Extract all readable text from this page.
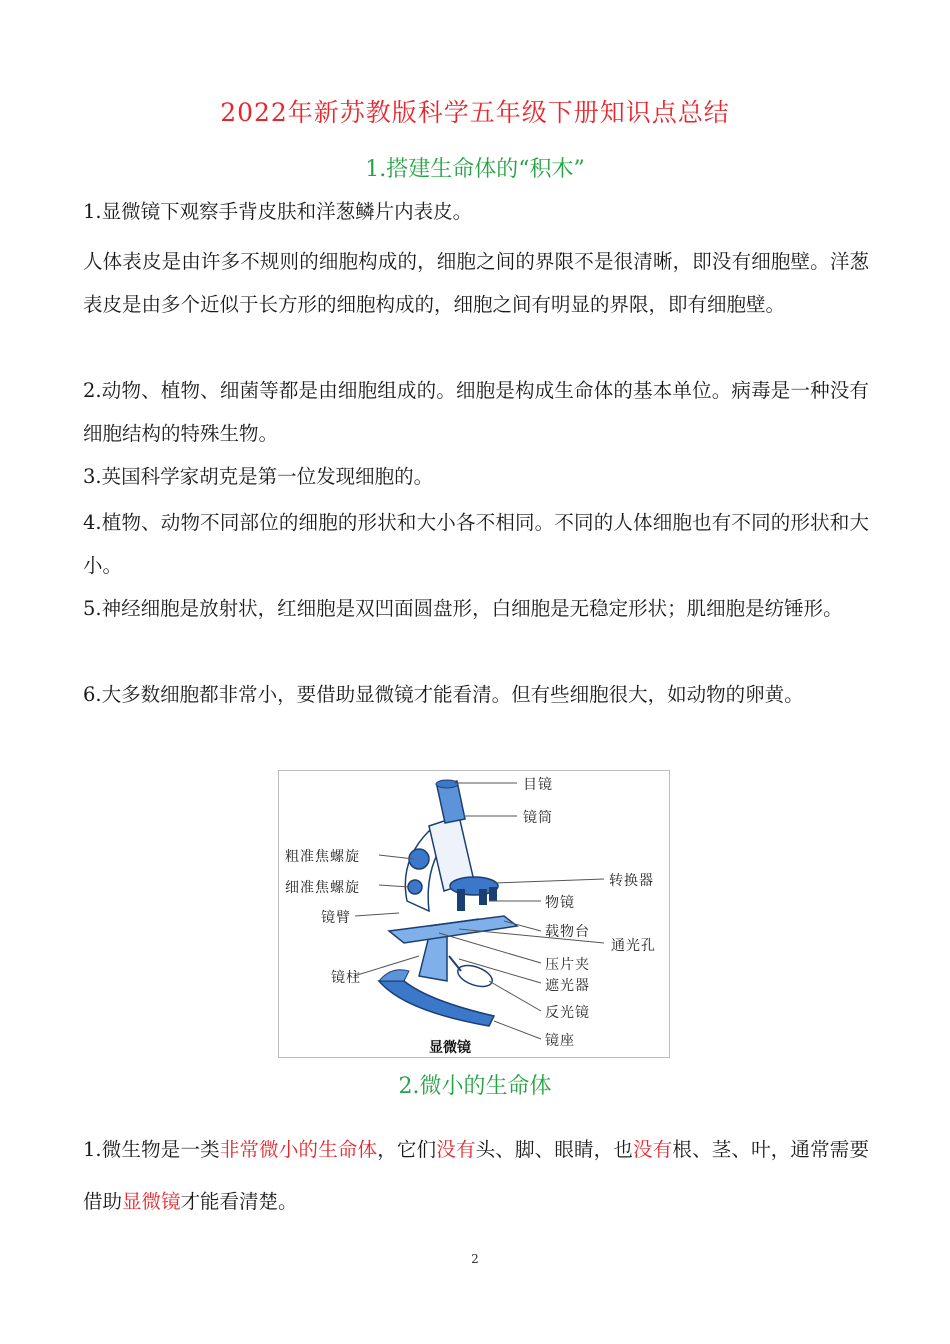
2022年新苏教版科学五年级下册知识点总结
1.搭建生命体的“积木”
1.显微镜下观察手背皮肤和洋葱鳞片内表皮。
人体表皮是由许多不规则的细胞构成的，细胞之间的界限不是很清晰，即没有细胞壁。洋葱表皮是由多个近似于长方形的细胞构成的，细胞之间有明显的界限，即有细胞壁。
2.动物、植物、细菌等都是由细胞组成的。细胞是构成生命体的基本单位。病毒是一种没有细胞结构的特殊生物。
3.英国科学家胡克是第一位发现细胞的。
4.植物、动物不同部位的细胞的形状和大小各不相同。不同的人体细胞也有不同的形状和大小。
5.神经细胞是放射状，红细胞是双凹面圆盘形，白细胞是无稳定形状；肌细胞是纺锤形。
6.大多数细胞都非常小，要借助显微镜才能看清。但有些细胞很大，如动物的卵黄。
目镜
镜筒
粗准焦螺旋
细准焦螺旋
镜臂
镜柱
转换器
物镜
载物台
通光孔
压片夹
遮光器
反光镜
镜座
显微镜
2.微小的生命体
1.微生物是一类非常微小的生命体，它们没有头、脚、眼睛，也没有根、茎、叶，通常需要借助显微镜才能看清楚。
2
